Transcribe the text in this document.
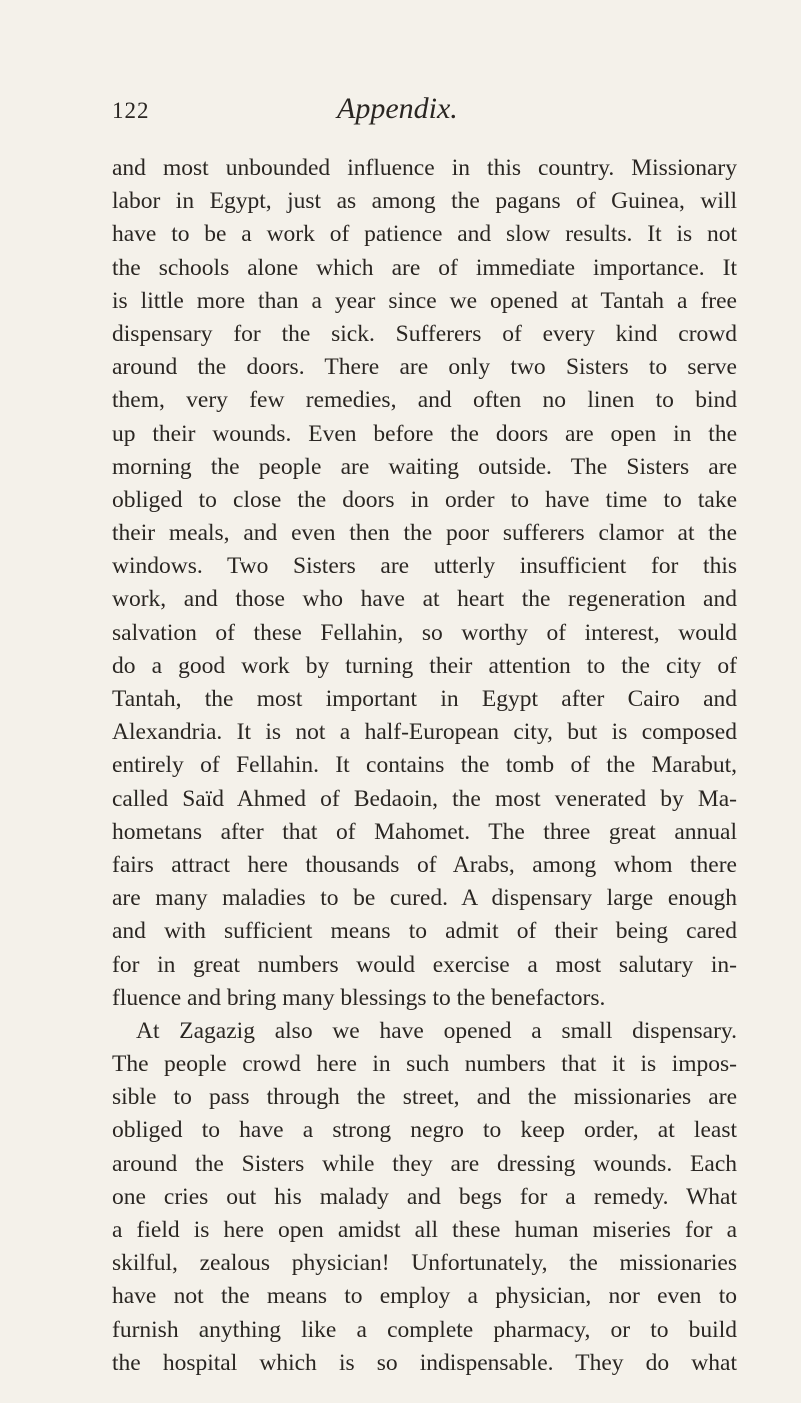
122	Appendix.
and most unbounded influence in this country. Missionary
labor in Egypt, just as among the pagans of Guinea, will
have to be a work of patience and slow results. It is not
the schools alone which are of immediate importance. It
is little more than a year since we opened at Tantah a free
dispensary for the sick. Sufferers of every kind crowd
around the doors. There are only two Sisters to serve
them, very few remedies, and often no linen to bind
up their wounds. Even before the doors are open in the
morning the people are waiting outside. The Sisters are
obliged to close the doors in order to have time to take
their meals, and even then the poor sufferers clamor at the
windows. Two Sisters are utterly insufficient for this
work, and those who have at heart the regeneration and
salvation of these Fellahin, so worthy of interest, would
do a good work by turning their attention to the city of
Tantah, the most important in Egypt after Cairo and
Alexandria. It is not a half-European city, but is composed
entirely of Fellahin. It contains the tomb of the Marabut,
called Saïd Ahmed of Bedaoin, the most venerated by Ma-
hometans after that of Mahomet. The three great annual
fairs attract here thousands of Arabs, among whom there
are many maladies to be cured. A dispensary large enough
and with sufficient means to admit of their being cared
for in great numbers would exercise a most salutary in-
fluence and bring many blessings to the benefactors.
At Zagazig also we have opened a small dispensary.
The people crowd here in such numbers that it is impos-
sible to pass through the street, and the missionaries are
obliged to have a strong negro to keep order, at least
around the Sisters while they are dressing wounds. Each
one cries out his malady and begs for a remedy. What
a field is here open amidst all these human miseries for a
skilful, zealous physician! Unfortunately, the missionaries
have not the means to employ a physician, nor even to
furnish anything like a complete pharmacy, or to build
the hospital which is so indispensable. They do what
